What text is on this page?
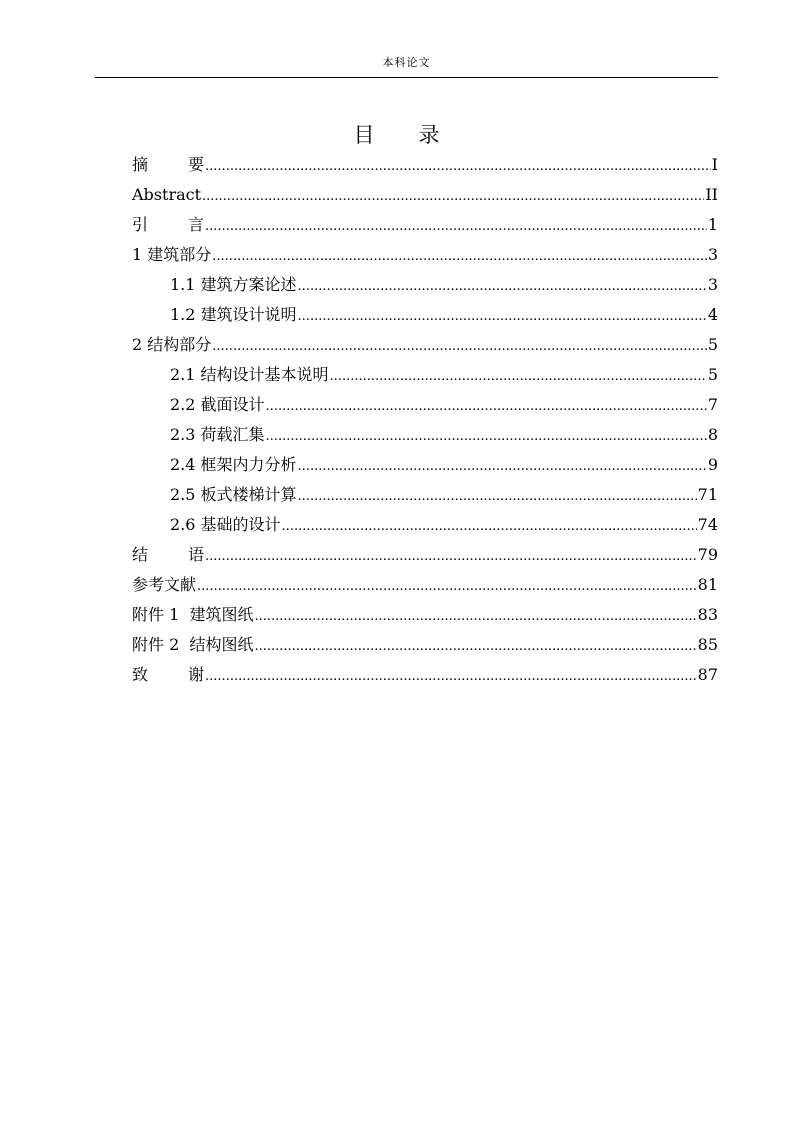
本科论文
目 录
摘	要 .....	I
Abstract .....	II
引	言 .....	1
1 建筑部分 .....	3
1.1 建筑方案论述 .....	3
1.2 建筑设计说明 .....	4
2 结构部分 .....	5
2.1 结构设计基本说明 .....	5
2.2 截面设计 .....	7
2.3 荷载汇集 .....	8
2.4 框架内力分析 .....	9
2.5 板式楼梯计算 .....	71
2.6 基础的设计 .....	74
结	语 .....	79
参考文献 .....	81
附件 1  建筑图纸 .....	83
附件 2  结构图纸 .....	85
致	谢 .....	87
